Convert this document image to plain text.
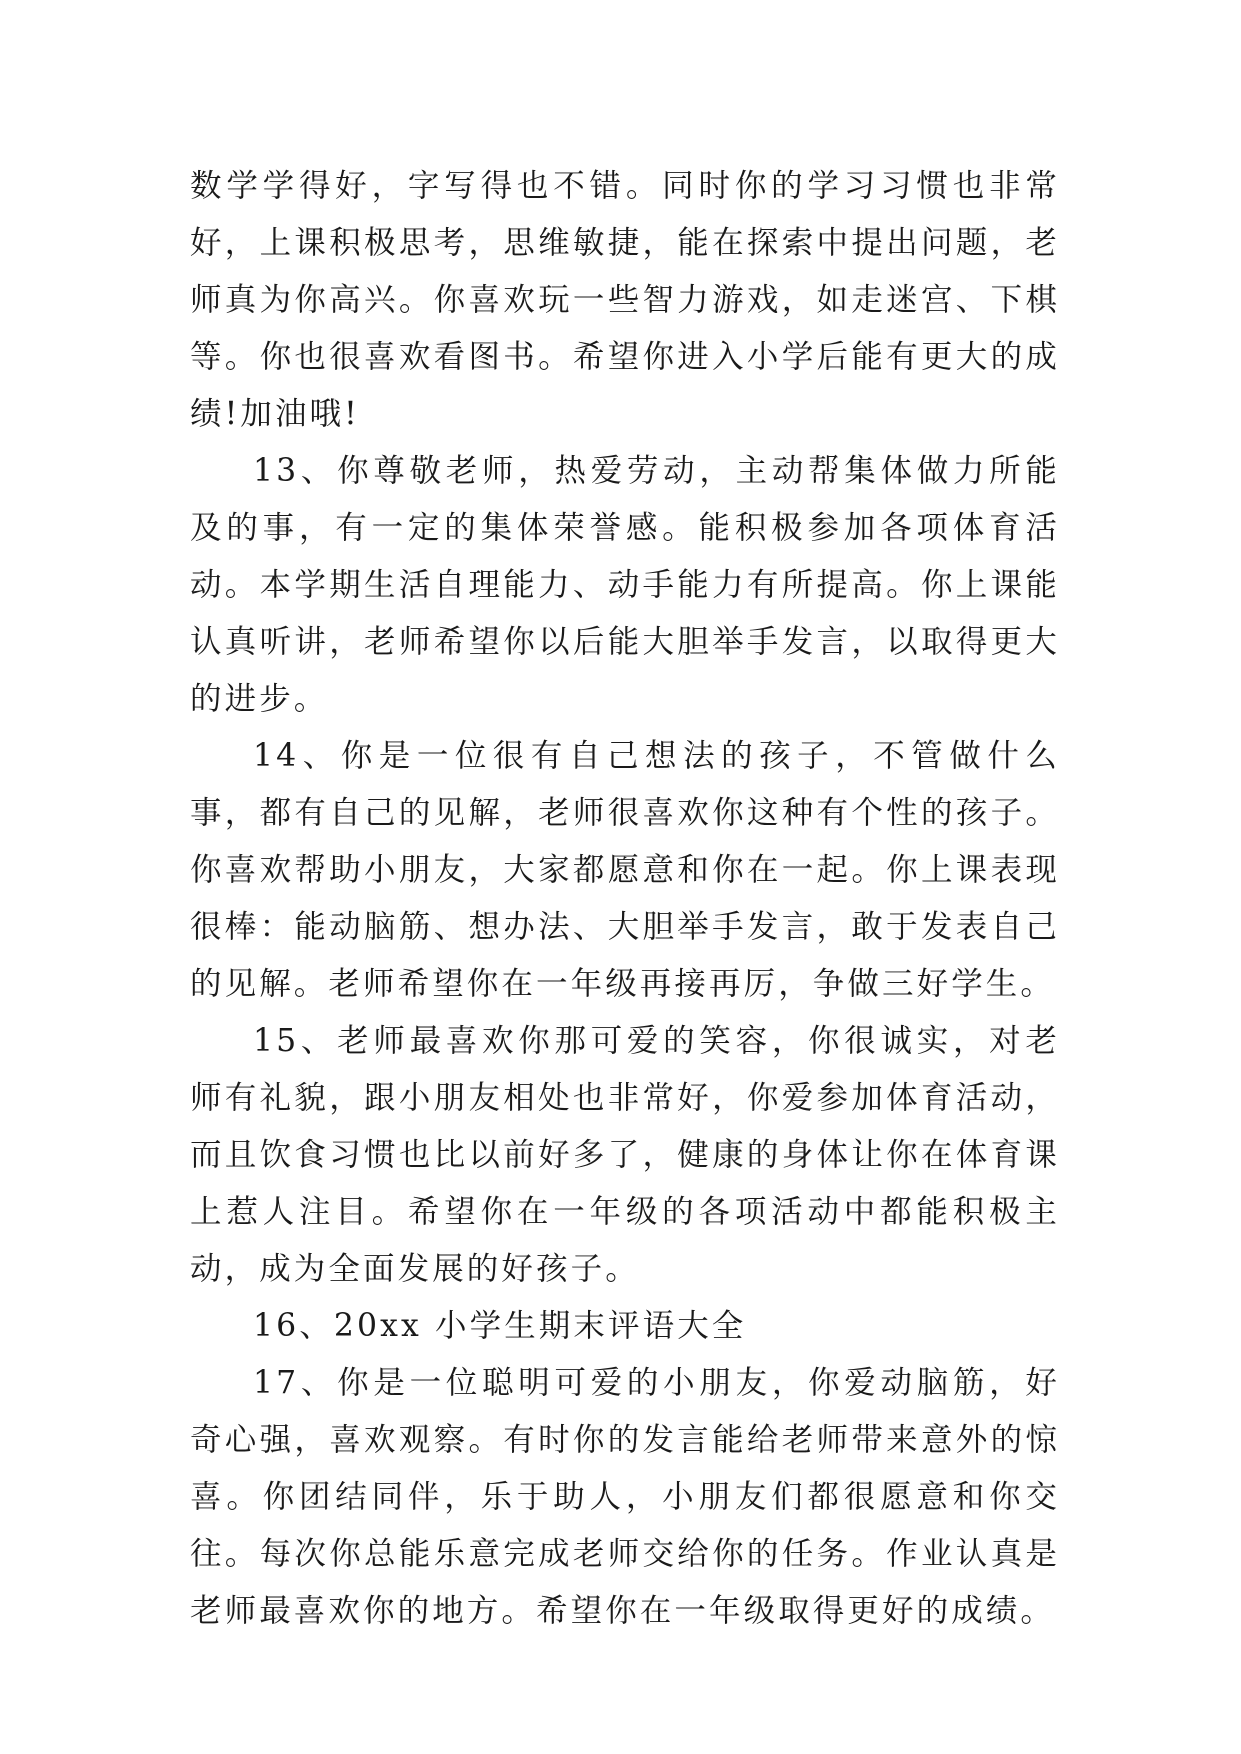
数学学得好，字写得也不错。同时你的学习习惯也非常好，上课积极思考，思维敏捷，能在探索中提出问题，老师真为你高兴。你喜欢玩一些智力游戏，如走迷宫、下棋等。你也很喜欢看图书。希望你进入小学后能有更大的成绩!加油哦!

13、你尊敬老师，热爱劳动，主动帮集体做力所能及的事，有一定的集体荣誉感。能积极参加各项体育活动。本学期生活自理能力、动手能力有所提高。你上课能认真听讲，老师希望你以后能大胆举手发言，以取得更大的进步。

14、你是一位很有自己想法的孩子，不管做什么事，都有自己的见解，老师很喜欢你这种有个性的孩子。你喜欢帮助小朋友，大家都愿意和你在一起。你上课表现很棒：能动脑筋、想办法、大胆举手发言，敢于发表自己的见解。老师希望你在一年级再接再厉，争做三好学生。

15、老师最喜欢你那可爱的笑容，你很诚实，对老师有礼貌，跟小朋友相处也非常好，你爱参加体育活动，而且饮食习惯也比以前好多了，健康的身体让你在体育课上惹人注目。希望你在一年级的各项活动中都能积极主动，成为全面发展的好孩子。

16、20xx 小学生期末评语大全

17、你是一位聪明可爱的小朋友，你爱动脑筋，好奇心强，喜欢观察。有时你的发言能给老师带来意外的惊喜。你团结同伴，乐于助人，小朋友们都很愿意和你交往。每次你总能乐意完成老师交给你的任务。作业认真是老师最喜欢你的地方。希望你在一年级取得更好的成绩。
